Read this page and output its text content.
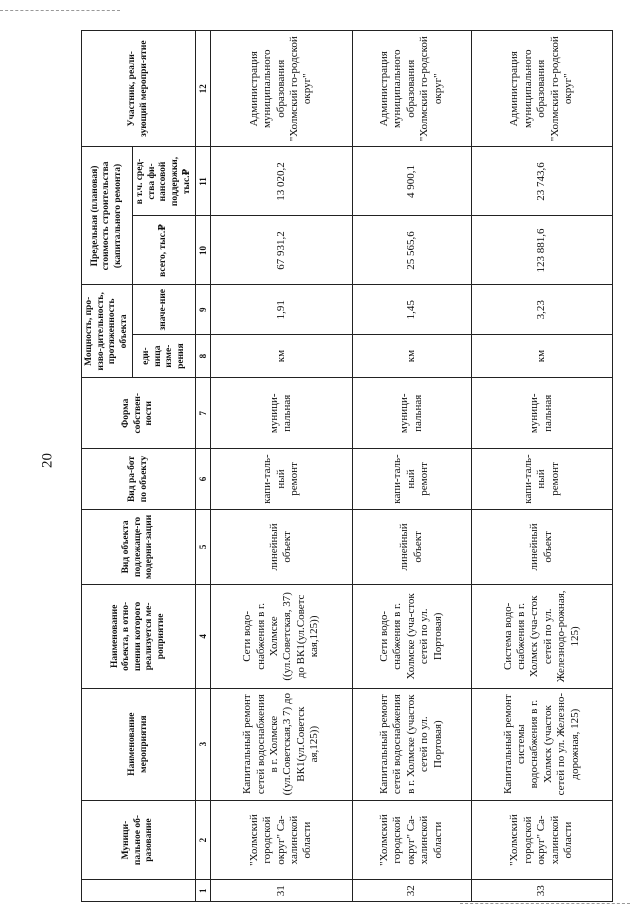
20
	Муници-пальное об-разование	Наименование мероприятия	Наименование объекта, в отно-шении которого реализуется ме-роприятие	Вид объекта подлежаще-го модерни-зации	Вид ра-бот по объекту	Форма собствен-ности	Мощность, про-изво-дительность, протяженность объекта		Предельная (плановая) стоимость строительства (капитального ремонта)		Участник, реали-зующий меропри-ятие
							еди-ница изме-рения	значе-ние	всего, тыс.₽	в т.ч. сред-ства фи-нансовой поддержки, тыс.₽	
1	2	3	4	5	6	7	8	9	10	11	12
31	"Холмский городской округ" Са-халинской области	Капитальный ремонт сетей водоснабжения в г. Холмске ((ул.Советская,3 7) до ВК1(ул.Советск ая,125))	Сети водо-снабжения в г. Холмске ((ул.Советская, 37) до ВК1(ул.Советс кая,125))	линейный объект	капи-таль-ный ремонт	муници-пальная	км	1,91	67 931,2	13 020,2	Администрация муниципального образования "Холмский го-родской округ"
32	"Холмский городской округ" Са-халинской области	Капитальный ремонт сетей водоснабжения в г. Холмске (участок сетей по ул. Портовая)	Сети водо-снабжения в г. Холмске (уча-сток сетей по ул. Портовая)	линейный объект	капи-таль-ный ремонт	муници-пальная	км	1,45	25 565,6	4 900,1	Администрация муниципального образования "Холмский го-родской округ"
33	"Холмский городской округ" Са-халинской области	Капитальный ремонт системы водоснабжения в г. Холмск (участок сетей по ул. Железно-дорожная, 125)	Система водо-снабжения в г. Холмск (уча-сток сетей по ул. Железнодо-рожная, 125)	линейный объект	капи-таль-ный ремонт	муници-пальная	км	3,23	123 881,6	23 743,6	Администрация муниципального образования "Холмский го-родской округ"
